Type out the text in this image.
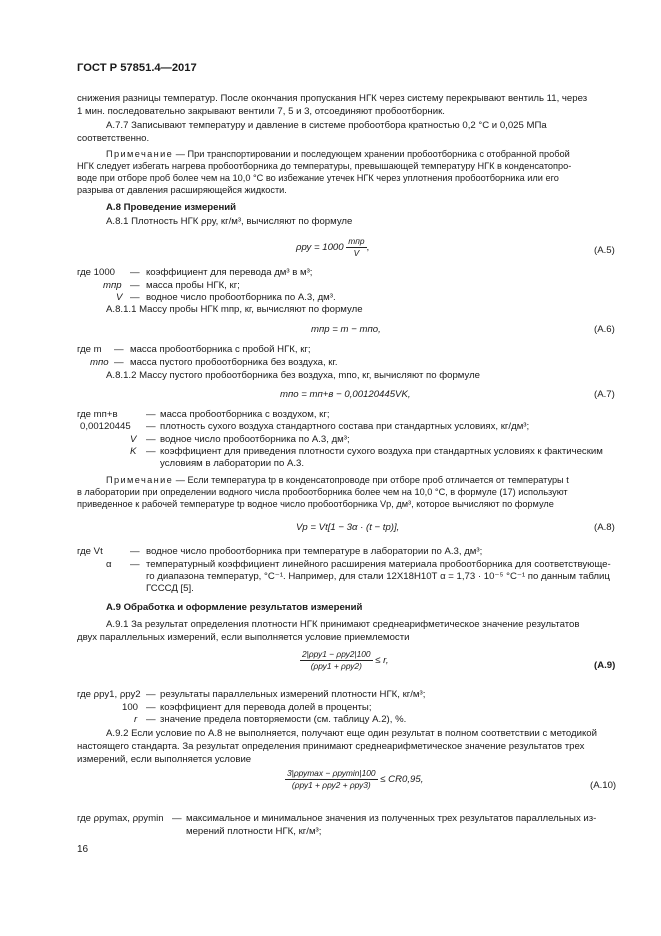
ГОСТ Р 57851.4—2017
снижения разницы температур. После окончания пропускания НГК через систему перекрывают вентиль 11, через
1 мин. последовательно закрывают вентили 7, 5 и 3, отсоединяют пробоотборник.
А.7.7 Записывают температуру и давление в системе пробоотбора кратностью 0,2 °С и 0,025 МПа
соответственно.
Примечание — При транспортировании и последующем хранении пробоотборника с отобранной пробой
НГК следует избегать нагрева пробоотборника до температуры, превышающей температуру НГК в конденсатопро-
воде при отборе проб более чем на 10,0 °С во избежание утечек НГК через уплотнения пробоотборника или его
разрыва от давления расширяющейся жидкости.
А.8 Проведение измерений
А.8.1 Плотность НГК ρру, кг/м³, вычисляют по формуле
$\rho ру = 1000 \frac{\text{mпр}}{V}$ ,	(А.5)
где 1000 — коэффициент для перевода дм³ в м³;
mпр — масса пробы НГК, кг;
V — водное число пробоотборника по А.3, дм³.
А.8.1.1 Массу пробы НГК mпр, кг, вычисляют по формуле
mпр = m − mпо,	(А.6)
где m — масса пробоотборника с пробой НГК, кг;
mпо — масса пустого пробоотборника без воздуха, кг.
А.8.1.2 Массу пустого пробоотборника без воздуха, mпо, кг, вычисляют по формуле
mпо = mп+в − 0,00120445VK,	(А.7)
где mп+в	— масса пробоотборника с воздухом, кг;
0,00120445 — плотность сухого воздуха стандартного состава при стандартных условиях, кг/дм³;
V — водное число пробоотборника по А.3, дм³;
K — коэффициент для приведения плотности сухого воздуха при стандартных условиях к фактическим
условиям в лаборатории по А.3.
Примечание — Если температура tр в конденсатопроводе при отборе проб отличается от температуры t
в лаборатории при определении водного числа пробоотборника более чем на 10,0 °С, в формуле (17) используют
приведенное к рабочей температуре tр водное число пробоотборника Vр, дм³, которое вычисляют по формуле
Vр = Vt[1 − 3α · (t − tр)],	(А.8)
где Vt	— водное число пробоотборника при температуре в лаборатории по А.3, дм³;
α — температурный коэффициент линейного расширения материала пробоотборника для соответствующе-
го диапазона температур, °С⁻¹. Например, для стали 12Х18Н10Т α = 1,73 · 10⁻⁵ °С⁻¹ по данным таблиц
ГСССД [5].
А.9 Обработка и оформление результатов измерений
А.9.1 За результат определения плотности НГК принимают среднеарифметическое значение результатов
двух параллельных измерений, если выполняется условие приемлемости
$\frac{\text{2|ρру1 − ρру2|100}}{\text{(ρру1 + ρру2)}} \le r$,	(А.9)
где ρру1, ρру2 — результаты параллельных измерений плотности НГК, кг/м³;
100 — коэффициент для перевода долей в проценты;
r — значение предела повторяемости (см. таблицу А.2), %.
А.9.2 Если условие по А.8 не выполняется, получают еще один результат в полном соответствии с методикой
настоящего стандарта. За результат определения принимают среднеарифметическое значение результатов трех
измерений, если выполняется условие
$\frac{\text{3|ρруmax − ρруmin|100}}{\text{(ρру1 + ρру2 + ρру3)}} \le CR0,95$,
(А.10)
где ρруmax, ρруmin — максимальное и минимальное значения из полученных трех результатов параллельных из-
мерений плотности НГК, кг/м³;
16
